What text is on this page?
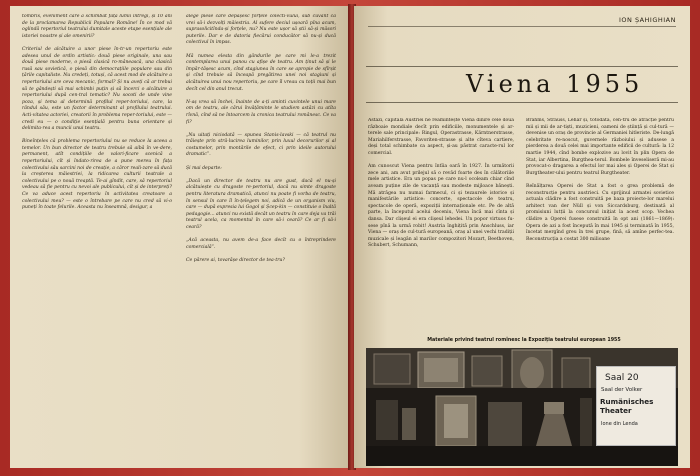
tombris, eveniment care a schimbat fața lumii întregi, și 10 ani de la proclamarea Republicii Populare Române! În ce mod vă oglindă repertoriul teatrului dumitale aceste etape esențiale ale istoriei noastre și ale omenirii?

Criteriul de alcătuire a unor piese în-tr-un repertoriu este adesea unul de ordin artistic: două piese originale, una sau două piese moderne, o piesă clasică ro-mânească, una clasică rusă sau sovietică, o piesă din democrațiile populare sau din țările capitaliste. Nu credeți, totuși, că acest mod de alcătuire a repertoriului are ceva mecanic, formal? Și nu aveți că ar trebui să te gândești să mai schimbi puțin și să încerci o alcătuire a repertoriului după cen-tral tematic? Nu socoti de unde vine poza, și tema al determină profilul reper-toriului, care, la rândul său, este un factor determinant al profilului teatrului. Acti-vitatea actoriei, creatorii în problema reper-toriului, este — credi eu — o condiție esențială pentru buna orientare și delimita-rea a muncii unui teatru.

Bineînțeles că problema repertoriului nu se reduce la aceea a temelor. Un bun director de teatru trebuie să aibă în ve-dere, permanent, atît condițiile de valori-ficare scenică a repertoriului, cît și îndato-rirea de a pune mereu în fața colectivului său sarcini noi de creație, a căror reali-zare să ducă la creșterea măiestriei, la ridicarea culturii teatrale a colectivului pe o nouă treaptă. Te-ai gîndit, care, să repertoriul vedeau să fie pentru cu nevoi ale publicului, cît și de interpreți? Ce va aduce acest repertoriu în activitatea creatoare a colectivului meu? — este o întrebare pe care nu cred să vi-o puneți în toate felurile. Aceasta nu înseamnă, desigur, a
alege piese care depășesc forțele colecti-vului, sub cuvânt că vrei să-i dezvolți măiestria. Al sufere deciul ușoară pîna acum, suprasolicitînda-și forțele, nu? Nu este ușor să știi să-și măsori puterile. Dar e de datoria fiecărui conducător să nu-și ducă colectivul în impas.

Mă numea elesta din gândurile pe care mi le-a trezit contemplarea unui panou cu afișe de teatru. Am ținut să și le împăr-tășesc acum, cînd stagiunea în care se apropie de sfîrșit și cînd trebuie să înceapă pregătirea unei noi stagiuni și alcătuirea unui nou repertoriu, pe care îl vreau cu toții mai bun decît cel din anul trecut.

N-aș vrea să închei, înainte de a-ți aminti cuvintele unui mare om de teatru, ale cărui învățăminte le studiem astăzi cu atîta rîvnă, cînd să ne întoarcem la cronica teatrului românesc. Ce va fi?

„Nu uitați niciodată — spunea Stanis-lavski — că teatrul nu trăiește prin stră-lucirea luminilor, prin luxul decorurilor și al costumelor, prin montările de efect, ci prin ideile autorului dramatic”.

Și mai departe:

„Dacă un director de teatru nu are gust, dacă el nu-și alcătuiește cu dragoste re-pertoriul, dacă nu simte dragoste pentru literatura dramatică, atunci nu poate fi vorba de teatru, în sensul în care îl în-țelegem noi, adică de un organism viu, care — după expresia lui Gogol și Șcep-kin — constituie o înaltă pedagogie... atunci nu există decât un teatru în care deja va trăi teatrul acela, ca momentul în care să-i ceară? Ce ar fi să-i ceară?

„Acă aceasta, nu avem de-a face decît cu o întreprindere comercială”.

Ce părere ai, tovarășe director de tea-tru?
ION ȘAHIGHIAN
Viena 1955
Astăzi, capitala Austriei ne reamintește Viena dinire cele două războaie mondiale decît prin edificiile, monumentele și ar-terele sale principale: Ringul, Operastrasse, Kärntnerstrasse, Mariahilferstrasse, Favoriten-strasse și alte cîteva cartiere, deși total schimbate ca aspect, și-au păstrat caracte-rul lor comercial.

Am cunoscut Viena pentru întîia oară în 1927. În următorii zece ani, am avut prilejul să o revăd foarte des în călătoriile mele artistice. Era un popas pe care nu-l ocoleam chiar cînd aveam puține zile de vacanță sau modeste mijloace bănești. Mă atrăgea nu numai farmecul, ci și tezaurele istorice și manifestările artistice: concerte, spectacole de teatru, spectacole de operă, expoziții internaționale etc. Pe de altă parte, la începutul acelui deceniu, Viena încă mai cînta și dansa. Dar clișeul ei era clișeul lehedei. Un popor virtuos fu-sese pînă la urmă robit! Austria înghițită prin Anschluss, iar Viena — oraș de cul-tură europeană, oraș al unei vechi tradiții muzicale și leagăn al marilor compozitori Mozart, Beethoven, Schubert, Schumann,
Brahms, Strauss, Lehar și, totodată, cen-tru de atracție pentru mii și mii de ar-tiști, muzicieni, oameni de știință și cul-tură — devenise un oraș de provincie al Germaniei hitleriste. De-lungă celebritate re-noscut, guvernele războiului și adusese a pierderea a două celei mai importante edificii de cultură: la 12 martie 1944, cînd bombe explozive au lovit în plin Opera de Stat, iar Albertina, Burgthea-terul. Bombele înveseliseră mi-au provocat-o dragarea a efectul lor mai ales și Operei de Stat și Burgtheater-ului pentru teatrul Burgtheater.

Reînălțarea Operei de Stat a fost o grea problemă de reconstrucție pentru austrieci. Cu sprijinul armatei sovietice actuala clădire a fost construită pe baza proiecte-lor marelui arhitect van der Nüll și von Siccardsburg, destinată al promisiuni lutții la concursul inițiat la acest scop. Vechea clădire a Operei fusese construită în opt ani (1861—1869): Opera de azi a fost începută în mai 1945 și terminată în 1955, încetat mergînd greu în trei grupe, fină, să amîne perfec-tea. Reconstrucția a costat 300 milioane
Materiale privind teatrul romînesc la Expoziția teatrului european 1955
Saal 20
Saal der Volker
Rumänisches Theater
Ione din Lenda
